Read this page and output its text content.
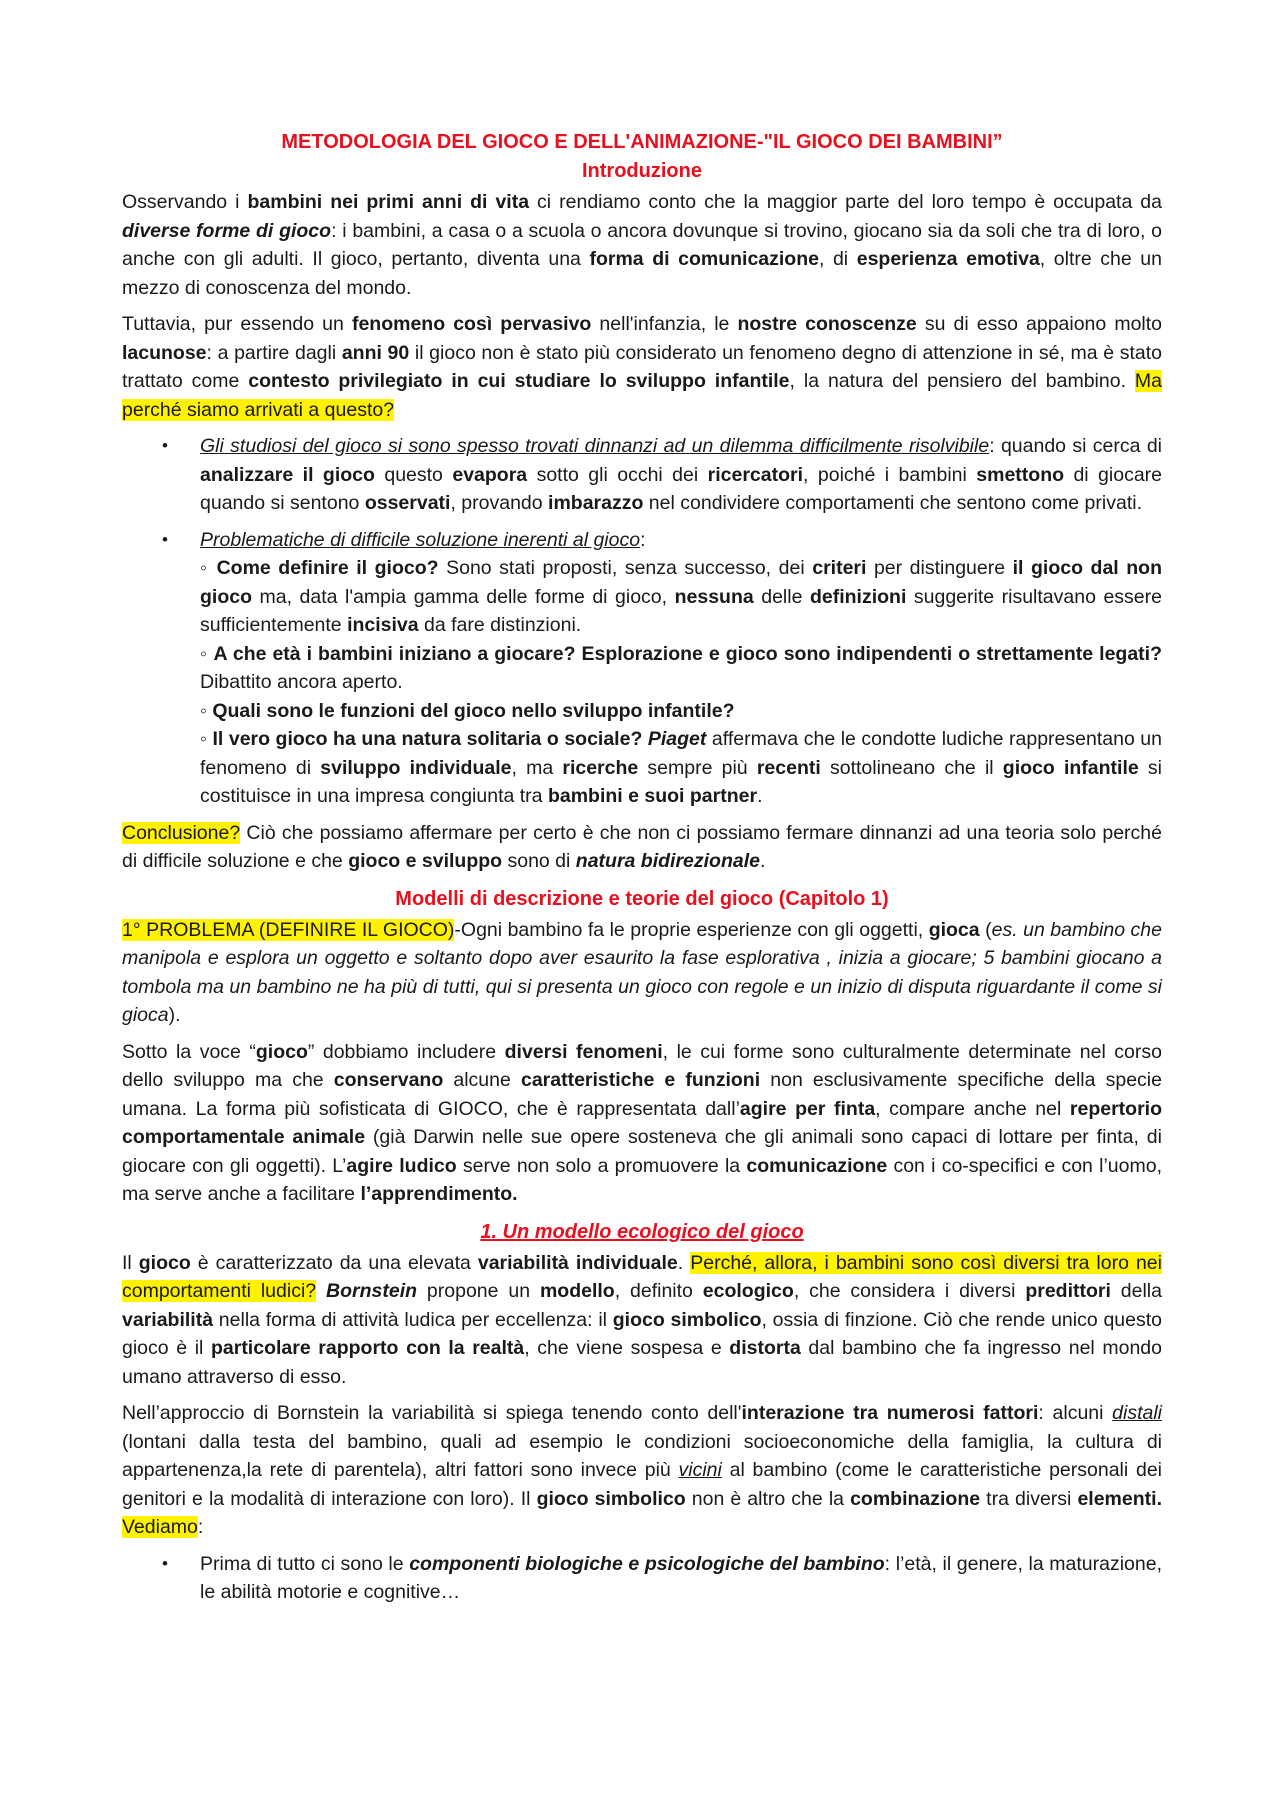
METODOLOGIA DEL GIOCO E DELL'ANIMAZIONE-"IL GIOCO DEI BAMBINI”
Introduzione

Osservando i bambini nei primi anni di vita ci rendiamo conto che la maggior parte del loro tempo è occupata da diverse forme di gioco: i bambini, a casa o a scuola o ancora dovunque si trovino, giocano sia da soli che tra di loro, o anche con gli adulti. Il gioco, pertanto, diventa una forma di comunicazione, di esperienza emotiva, oltre che un mezzo di conoscenza del mondo.

Tuttavia, pur essendo un fenomeno così pervasivo nell'infanzia, le nostre conoscenze su di esso appaiono molto lacunose: a partire dagli anni 90 il gioco non è stato più considerato un fenomeno degno di attenzione in sé, ma è stato trattato come contesto privilegiato in cui studiare lo sviluppo infantile, la natura del pensiero del bambino. Ma perché siamo arrivati a questo?

• Gli studiosi del gioco si sono spesso trovati dinnanzi ad un dilemma difficilmente risolvibile: quando si cerca di analizzare il gioco questo evapora sotto gli occhi dei ricercatori, poiché i bambini smettono di giocare quando si sentono osservati, provando imbarazzo nel condividere comportamenti che sentono come privati.
• Problematiche di difficile soluzione inerenti al gioco:
◦ Come definire il gioco? Sono stati proposti, senza successo, dei criteri per distinguere il gioco dal non gioco ma, data l'ampia gamma delle forme di gioco, nessuna delle definizioni suggerite risultavano essere sufficientemente incisiva da fare distinzioni.
◦ A che età i bambini iniziano a giocare? Esplorazione e gioco sono indipendenti o strettamente legati? Dibattito ancora aperto.
◦ Quali sono le funzioni del gioco nello sviluppo infantile?
◦ Il vero gioco ha una natura solitaria o sociale? Piaget affermava che le condotte ludiche rappresentano un fenomeno di sviluppo individuale, ma ricerche sempre più recenti sottolineano che il gioco infantile si costituisce in una impresa congiunta tra bambini e suoi partner.

Conclusione? Ciò che possiamo affermare per certo è che non ci possiamo fermare dinnanzi ad una teoria solo perché di difficile soluzione e che gioco e sviluppo sono di natura bidirezionale.

Modelli di descrizione e teorie del gioco (Capitolo 1)

1° PROBLEMA (DEFINIRE IL GIOCO)-Ogni bambino fa le proprie esperienze con gli oggetti, gioca (es. un bambino che manipola e esplora un oggetto e soltanto dopo aver esaurito la fase esplorativa , inizia a giocare; 5 bambini giocano a tombola ma un bambino ne ha più di tutti, qui si presenta un gioco con regole e un inizio di disputa riguardante il come si gioca).

Sotto la voce “gioco” dobbiamo includere diversi fenomeni, le cui forme sono culturalmente determinate nel corso dello sviluppo ma che conservano alcune caratteristiche e funzioni non esclusivamente specifiche della specie umana. La forma più sofisticata di GIOCO, che è rappresentata dall’agire per finta, compare anche nel repertorio comportamentale animale (già Darwin nelle sue opere sosteneva che gli animali sono capaci di lottare per finta, di giocare con gli oggetti). L’agire ludico serve non solo a promuovere la comunicazione con i co-specifici e con l’uomo, ma serve anche a facilitare l’apprendimento.

1. Un modello ecologico del gioco

Il gioco è caratterizzato da una elevata variabilità individuale. Perché, allora, i bambini sono così diversi tra loro nei comportamenti ludici? Bornstein propone un modello, definito ecologico, che considera i diversi predittori della variabilità nella forma di attività ludica per eccellenza: il gioco simbolico, ossia di finzione. Ciò che rende unico questo gioco è il particolare rapporto con la realtà, che viene sospesa e distorta dal bambino che fa ingresso nel mondo umano attraverso di esso.

Nell’approccio di Bornstein la variabilità si spiega tenendo conto dell'interazione tra numerosi fattori: alcuni distali (lontani dalla testa del bambino, quali ad esempio le condizioni socioeconomiche della famiglia, la cultura di appartenenza,la rete di parentela), altri fattori sono invece più vicini al bambino (come le caratteristiche personali dei genitori e la modalità di interazione con loro). Il gioco simbolico non è altro che la combinazione tra diversi elementi. Vediamo:

• Prima di tutto ci sono le componenti biologiche e psicologiche del bambino: l’età, il genere, la maturazione, le abilità motorie e cognitive…
